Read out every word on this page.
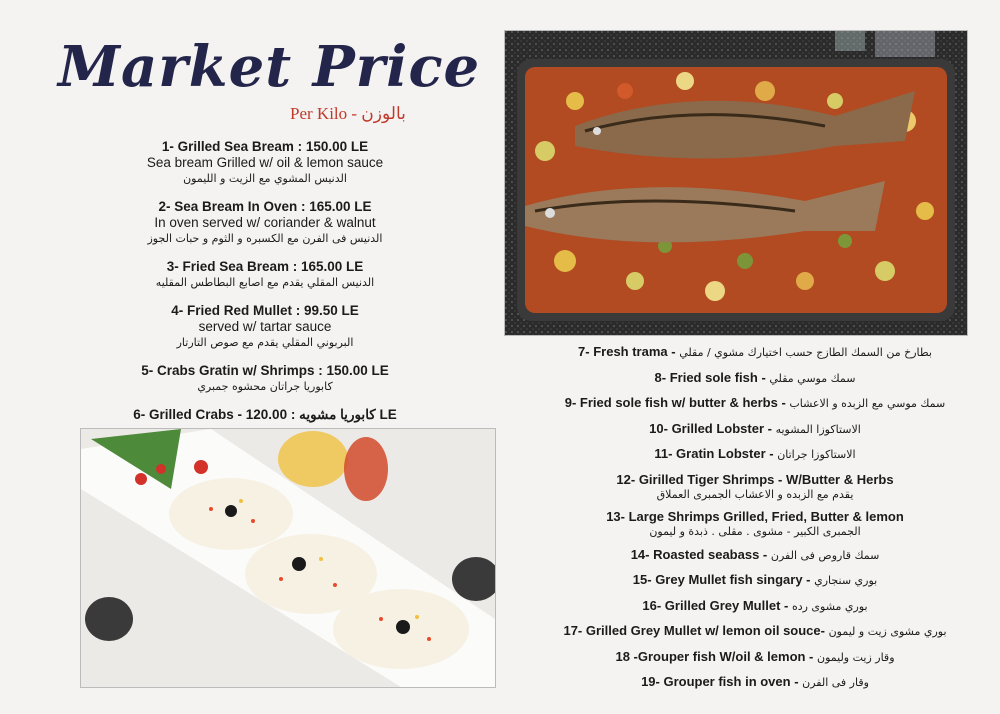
Market Price
Per Kilo - بالوزن
1- Grilled Sea Bream : 150.00 LE
Sea bream Grilled w/ oil & lemon sauce
الدنيس المشوي مع الزيت و الليمون
2- Sea Bream In Oven : 165.00 LE
In oven served w/ coriander & walnut
الدنيس فى الفرن مع الكسبره و الثوم و حبات الجوز
3- Fried Sea Bream : 165.00 LE
الدنيس المقلي يقدم مع اصابع البطاطس المقليه
4- Fried Red Mullet : 99.50 LE
served w/ tartar sauce
البربوني المقلي يقدم مع صوص التارتار
5- Crabs Gratin w/ Shrimps : 150.00 LE
كابوريا جراتان محشوه جمبري
6- Grilled Crabs - كابوريا مشويه : 120.00 LE
7- Fresh trama - بطارخ من السمك الطازج حسب اختيارك مشوي / مقلي
8- Fried sole fish - سمك موسي مقلي
9- Fried sole fish w/ butter & herbs - سمك موسي مع الزبده و الاعشاب
10- Grilled Lobster - الاستاكوزا المشويه
11- Gratin Lobster - الاستاكوزا جراتان
12- Girilled Tiger Shrimps - W/Butter & Herbs
يقدم مع الزبده و الاعشاب الجمبرى العملاق
13- Large Shrimps Grilled, Fried, Butter & lemon
الجمبرى الكبير - مشوى . مقلى . ذبدة و ليمون
14- Roasted seabass - سمك قاروص فى الفرن
15- Grey Mullet fish singary - بوري سنجاري
16- Grilled Grey Mullet - بوري مشوى رده
17- Grilled Grey Mullet w/ lemon oil souce- بوري مشوى زيت و ليمون
18 -Grouper fish W/oil & lemon - وقار زيت وليمون
19- Grouper fish in oven - وقار فى الفرن
